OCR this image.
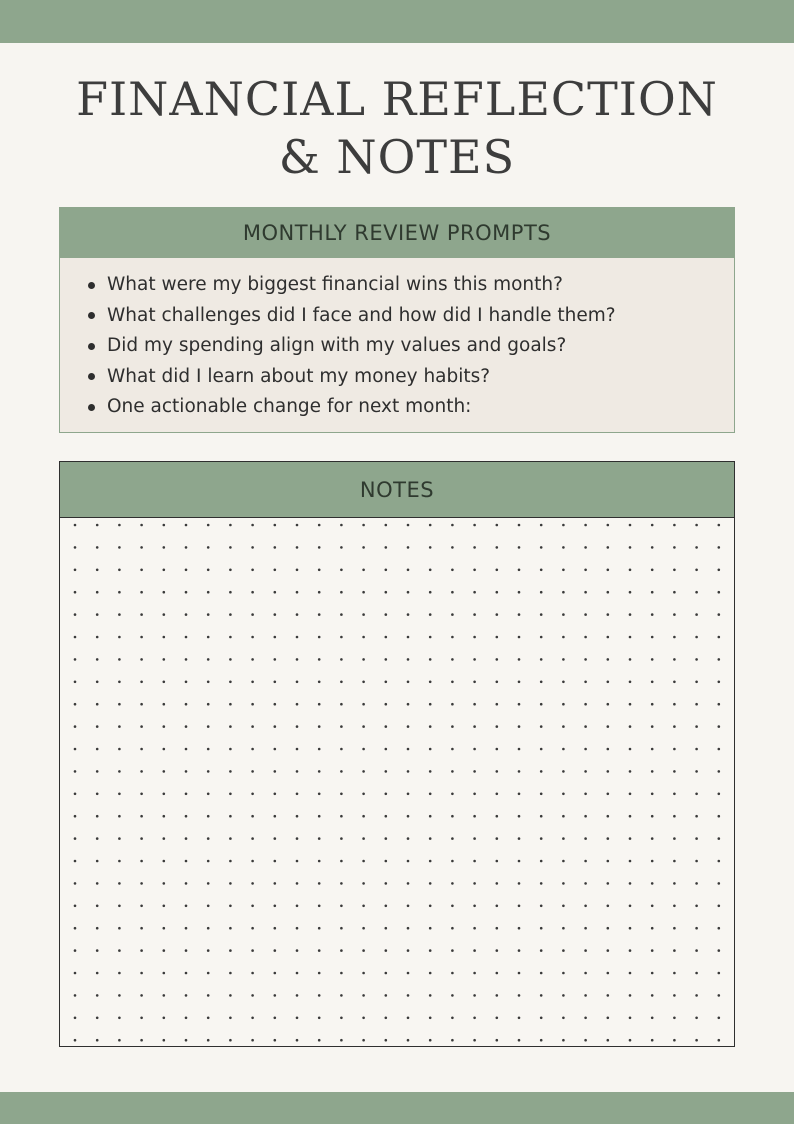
FINANCIAL REFLECTION
& NOTES
MONTHLY REVIEW PROMPTS
What were my biggest financial wins this month?
What challenges did I face and how did I handle them?
Did my spending align with my values and goals?
What did I learn about my money habits?
One actionable change for next month:
NOTES
